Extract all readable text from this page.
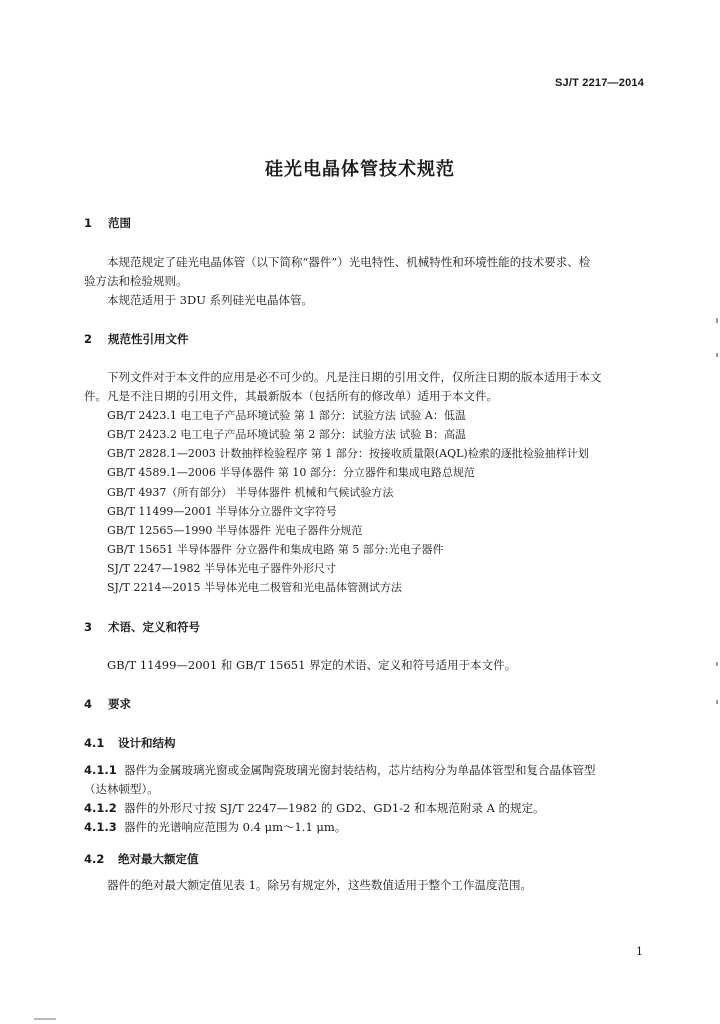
SJ/T 2217—2014
硅光电晶体管技术规范
1 范围
本规范规定了硅光电晶体管（以下简称“器件”）光电特性、机械特性和环境性能的技术要求、检
验方法和检验规则。
本规范适用于 3DU 系列硅光电晶体管。
2 规范性引用文件
下列文件对于本文件的应用是必不可少的。凡是注日期的引用文件，仅所注日期的版本适用于本文
件。凡是不注日期的引用文件，其最新版本（包括所有的修改单）适用于本文件。
GB/T 2423.1 电工电子产品环境试验 第 1 部分：试验方法 试验 A：低温
GB/T 2423.2 电工电子产品环境试验 第 2 部分：试验方法 试验 B：高温
GB/T 2828.1—2003 计数抽样检验程序 第 1 部分：按接收质量限(AQL)检索的逐批检验抽样计划
GB/T 4589.1—2006 半导体器件 第 10 部分：分立器件和集成电路总规范
GB/T 4937（所有部分） 半导体器件 机械和气候试验方法
GB/T 11499—2001 半导体分立器件文字符号
GB/T 12565—1990 半导体器件 光电子器件分规范
GB/T 15651 半导体器件 分立器件和集成电路 第 5 部分:光电子器件
SJ/T 2247—1982 半导体光电子器件外形尺寸
SJ/T 2214—2015 半导体光电二极管和光电晶体管测试方法
3 术语、定义和符号
GB/T 11499—2001 和 GB/T 15651 界定的术语、定义和符号适用于本文件。
4 要求
4.1 设计和结构
4.1.1 器件为金属玻璃光窗或金属陶瓷玻璃光窗封装结构，芯片结构分为单晶体管型和复合晶体管型
（达林顿型）。
4.1.2 器件的外形尺寸按 SJ/T 2247—1982 的 GD2、GD1-2 和本规范附录 A 的规定。
4.1.3 器件的光谱响应范围为 0.4 μm～1.1 μm。
4.2 绝对最大额定值
器件的绝对最大额定值见表 1。除另有规定外，这些数值适用于整个工作温度范围。
1
